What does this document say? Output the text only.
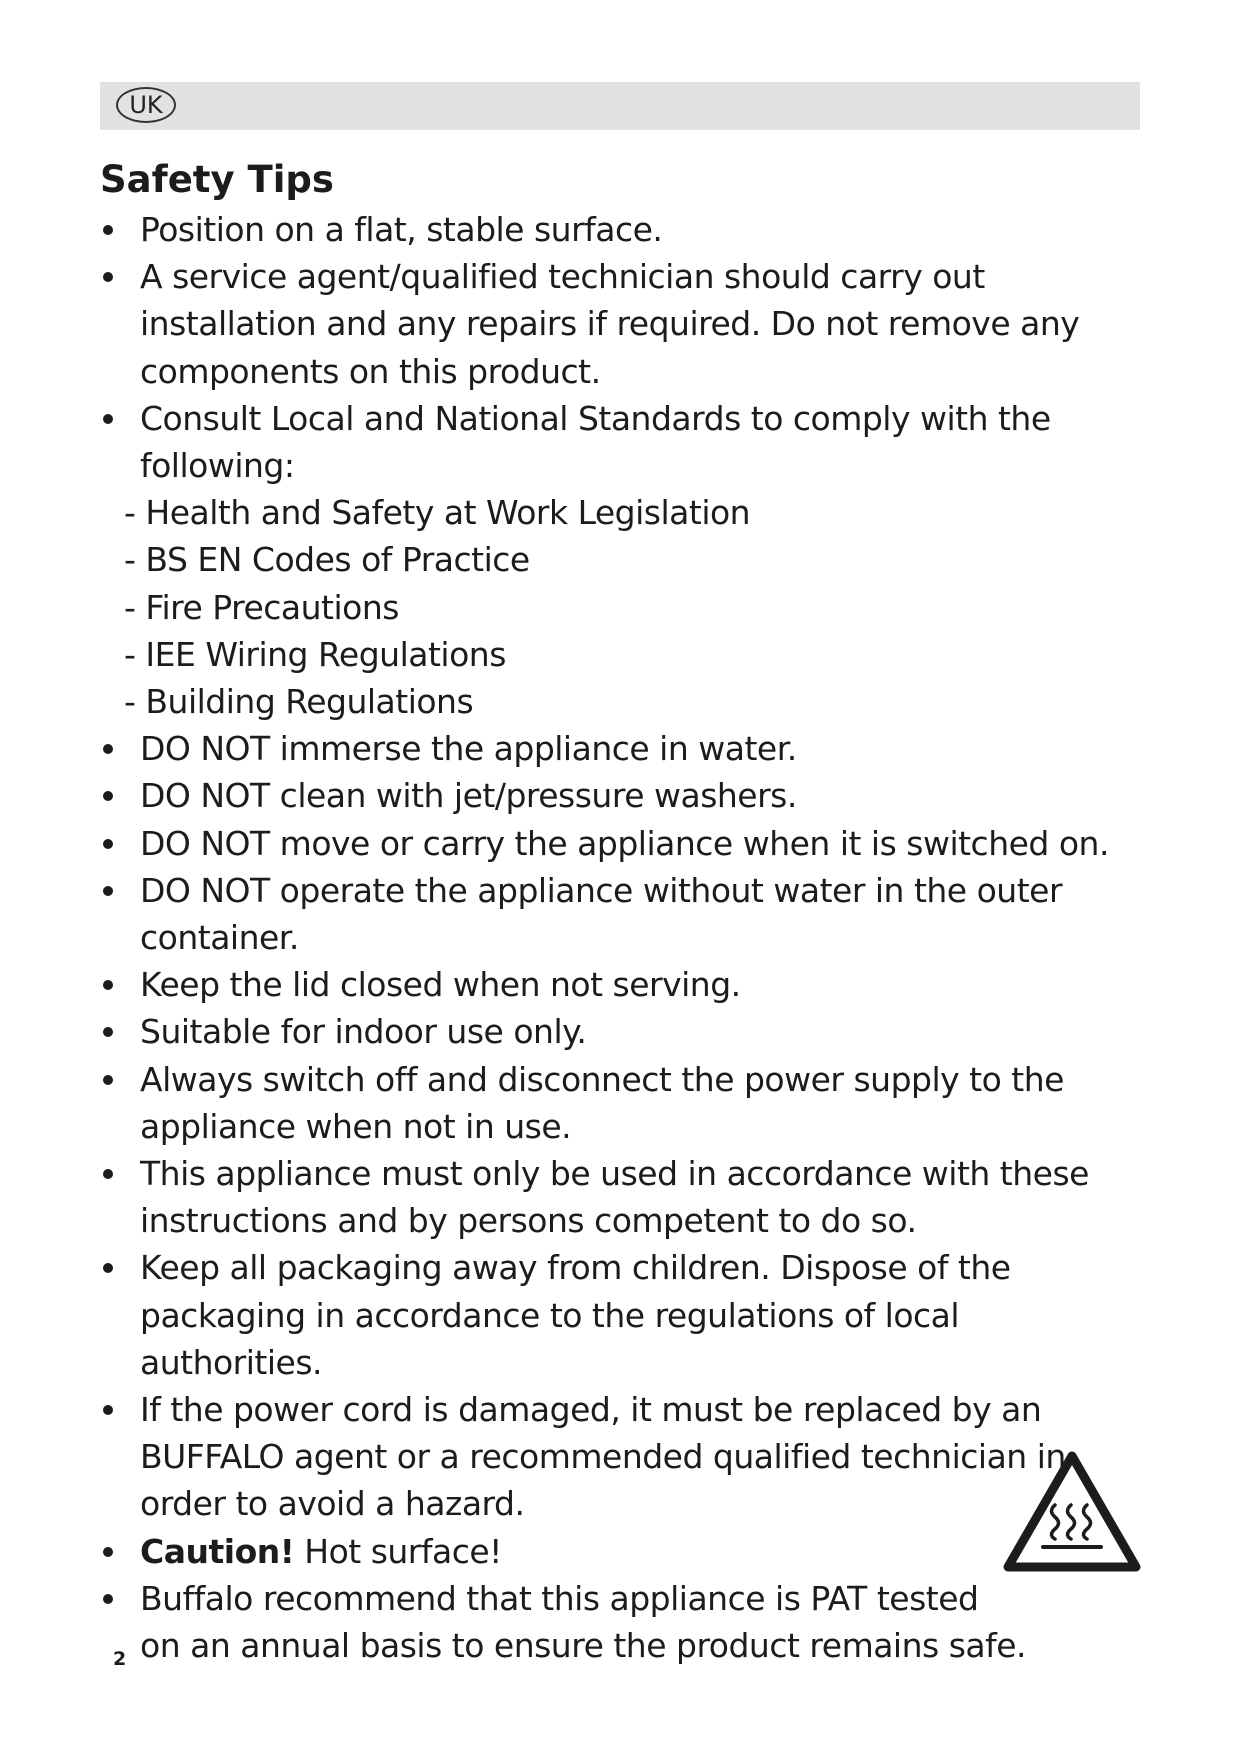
UK
Safety Tips
Position on a flat, stable surface.
A service agent/qualified technician should carry out installation and any repairs if required. Do not remove any components on this product.
Consult Local and National Standards to comply with the following:
- Health and Safety at Work Legislation
- BS EN Codes of Practice
- Fire Precautions
- IEE Wiring Regulations
- Building Regulations
DO NOT immerse the appliance in water.
DO NOT clean with jet/pressure washers.
DO NOT move or carry the appliance when it is switched on.
DO NOT operate the appliance without water in the outer container.
Keep the lid closed when not serving.
Suitable for indoor use only.
Always switch off and disconnect the power supply to the appliance when not in use.
This appliance must only be used in accordance with these instructions and by persons competent to do so.
Keep all packaging away from children. Dispose of the packaging in accordance to the regulations of local authorities.
If the power cord is damaged, it must be replaced by an BUFFALO agent or a recommended qualified technician in order to avoid a hazard.
Caution! Hot surface!
Buffalo recommend that this appliance is PAT tested
on an annual basis to ensure the product remains safe.
2
